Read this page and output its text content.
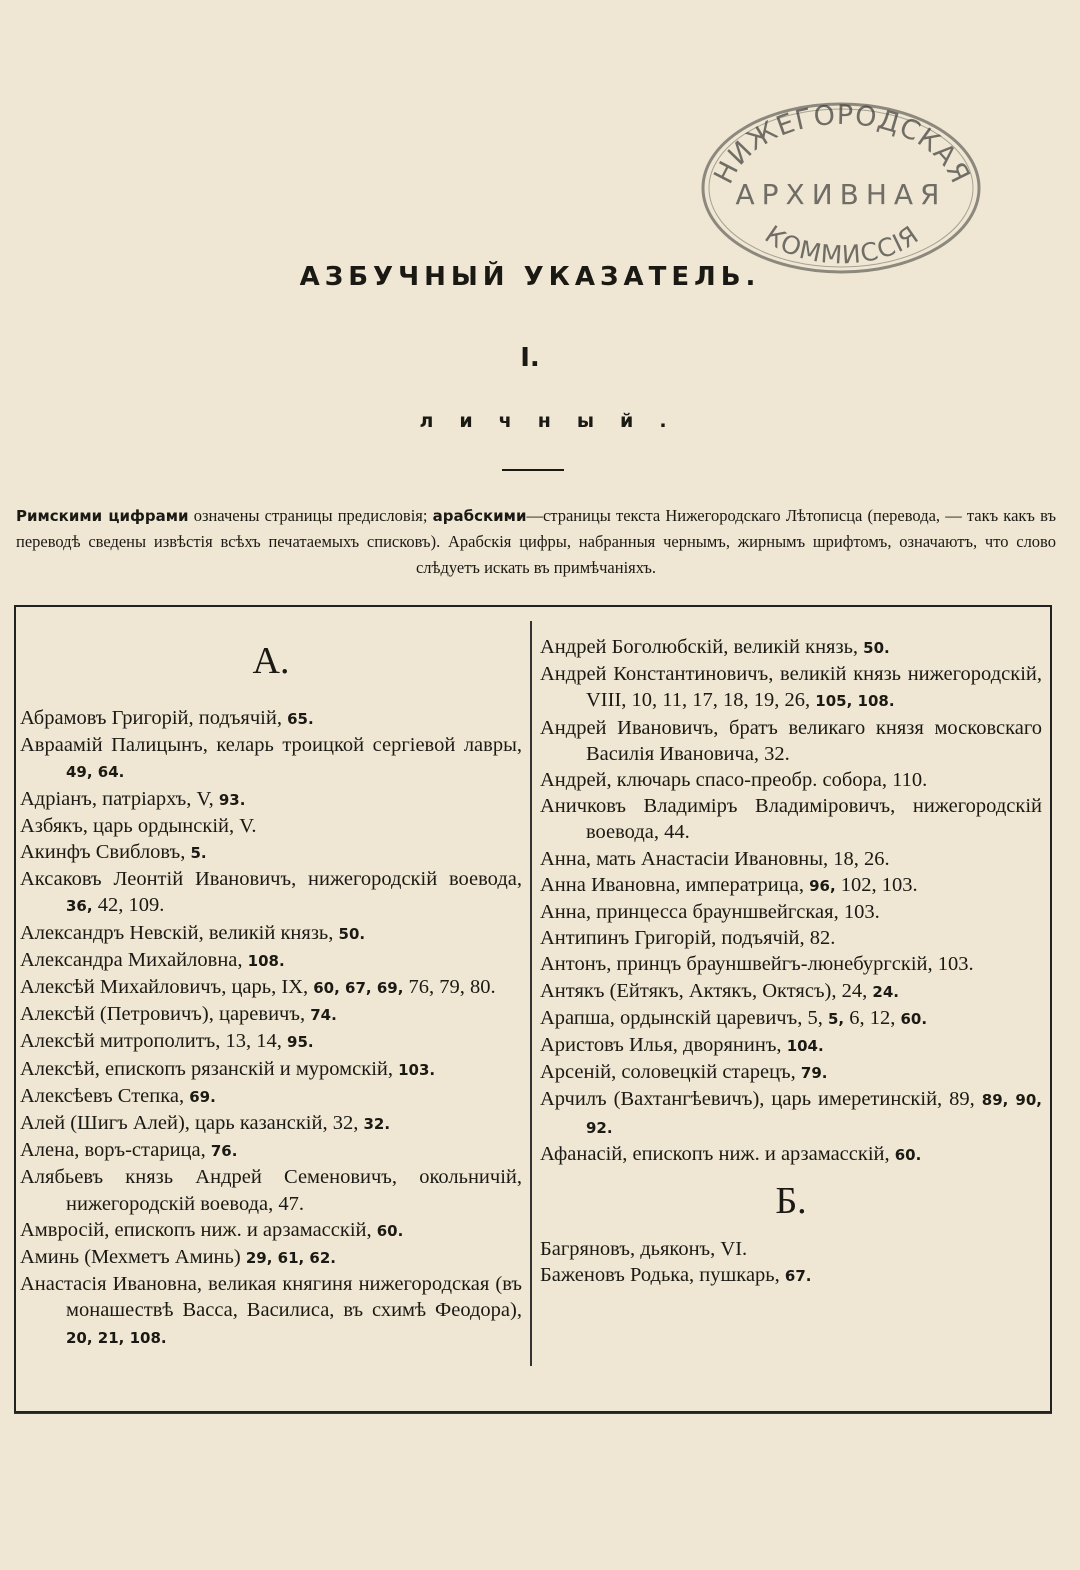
НИЖЕГОРОДСКАЯ
АРХИВНАЯ
КОММИССІЯ
АЗБУЧНЫЙ УКАЗАТЕЛЬ.
I.
личный.

Римскими цифрами означены страницы предисловія; арабскими—страницы текста Нижегородскаго Лѣтописца (перевода, — такъ какъ въ переводѣ сведены извѣстія всѣхъ печатаемыхъ списковъ). Арабскія цифры, набранныя чернымъ, жирнымъ шрифтомъ, означаютъ, что слово слѣдуетъ искать въ примѣчаніяхъ.

А.
Абрамовъ Григорій, подъячій, 65.
Авраамій Палицынъ, келарь троицкой сергіевой лавры, 49, 64.
Адріанъ, патріархъ, V, 93.
Азбякъ, царь ордынскій, V.
Акинфъ Свибловъ, 5.
Аксаковъ Леонтій Ивановичъ, нижегородскій воевода, 36, 42, 109.
Александръ Невскій, великій князь, 50.
Александра Михайловна, 108.
Алексѣй Михайловичъ, царь, IX, 60, 67, 69, 76, 79, 80.
Алексѣй (Петровичъ), царевичъ, 74.
Алексѣй митрополитъ, 13, 14, 95.
Алексѣй, епископъ рязанскій и муромскій, 103.
Алексѣевъ Степка, 69.
Алей (Шигъ Алей), царь казанскій, 32, 32.
Алена, воръ-старица, 76.
Алябьевъ князь Андрей Семеновичъ, окольничій, нижегородскій воевода, 47.
Амвросій, епископъ ниж. и арзамасскій, 60.
Аминь (Мехметъ Аминь) 29, 61, 62.
Анастасія Ивановна, великая княгиня нижегородская (въ монашествѣ Васса, Василиса, въ схимѣ Феодора), 20, 21, 108.
Андрей Боголюбскій, великій князь, 50.
Андрей Константиновичъ, великій князь нижегородскій, VIII, 10, 11, 17, 18, 19, 26, 105, 108.
Андрей Ивановичъ, братъ великаго князя московскаго Василія Ивановича, 32.
Андрей, ключарь спасо-преобр. собора, 110.
Аничковъ Владиміръ Владиміровичъ, нижегородскій воевода, 44.
Анна, мать Анастасіи Ивановны, 18, 26.
Анна Ивановна, императрица, 96, 102, 103.
Анна, принцесса брауншвейгская, 103.
Антипинъ Григорій, подъячій, 82.
Антонъ, принцъ брауншвейгъ-люнебургскій, 103.
Антякъ (Ейтякъ, Актякъ, Октясъ), 24, 24.
Арапша, ордынскій царевичъ, 5, 5, 6, 12, 60.
Аристовъ Илья, дворянинъ, 104.
Арсеній, соловецкій старецъ, 79.
Арчилъ (Вахтангѣевичъ), царь имеретинскій, 89, 89, 90, 92.
Афанасій, епископъ ниж. и арзамасскій, 60.
Б.
Багряновъ, дьяконъ, VI.
Баженовъ Родька, пушкарь, 67.
